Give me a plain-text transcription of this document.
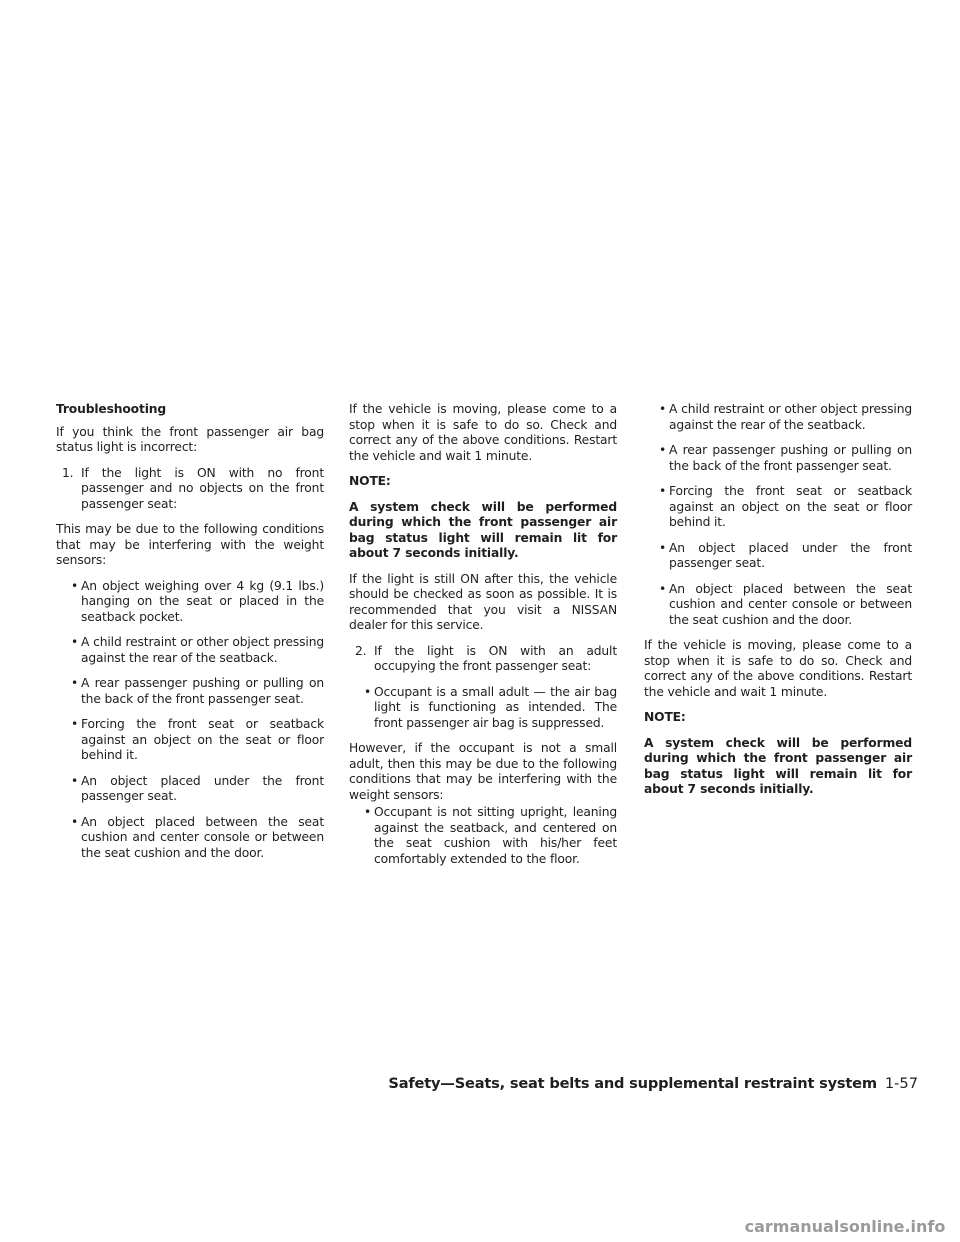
Troubleshooting

If you think the front passenger air bag status light is incorrect:

1. If the light is ON with no front passenger and no objects on the front passenger seat:

This may be due to the following conditions that may be interfering with the weight sensors:

• An object weighing over 4 kg (9.1 lbs.) hanging on the seat or placed in the seatback pocket.
• A child restraint or other object pressing against the rear of the seatback.
• A rear passenger pushing or pulling on the back of the front passenger seat.
• Forcing the front seat or seatback against an object on the seat or floor behind it.
• An object placed under the front passenger seat.
• An object placed between the seat cushion and center console or between the seat cushion and the door.

If the vehicle is moving, please come to a stop when it is safe to do so. Check and correct any of the above conditions. Restart the vehicle and wait 1 minute.

NOTE:

A system check will be performed during which the front passenger air bag status light will remain lit for about 7 seconds initially.

If the light is still ON after this, the vehicle should be checked as soon as possible. It is recommended that you visit a NISSAN dealer for this service.

2. If the light is ON with an adult occupying the front passenger seat:
• Occupant is a small adult — the air bag light is functioning as intended. The front passenger air bag is suppressed.

However, if the occupant is not a small adult, then this may be due to the following conditions that may be interfering with the weight sensors:

• Occupant is not sitting upright, leaning against the seatback, and centered on the seat cushion with his/her feet comfortably extended to the floor.
• A child restraint or other object pressing against the rear of the seatback.
• A rear passenger pushing or pulling on the back of the front passenger seat.
• Forcing the front seat or seatback against an object on the seat or floor behind it.
• An object placed under the front passenger seat.
• An object placed between the seat cushion and center console or between the seat cushion and the door.

If the vehicle is moving, please come to a stop when it is safe to do so. Check and correct any of the above conditions. Restart the vehicle and wait 1 minute.

NOTE:

A system check will be performed during which the front passenger air bag status light will remain lit for about 7 seconds initially.

Safety—Seats, seat belts and supplemental restraint system 1-57
carmanualsonline.info
